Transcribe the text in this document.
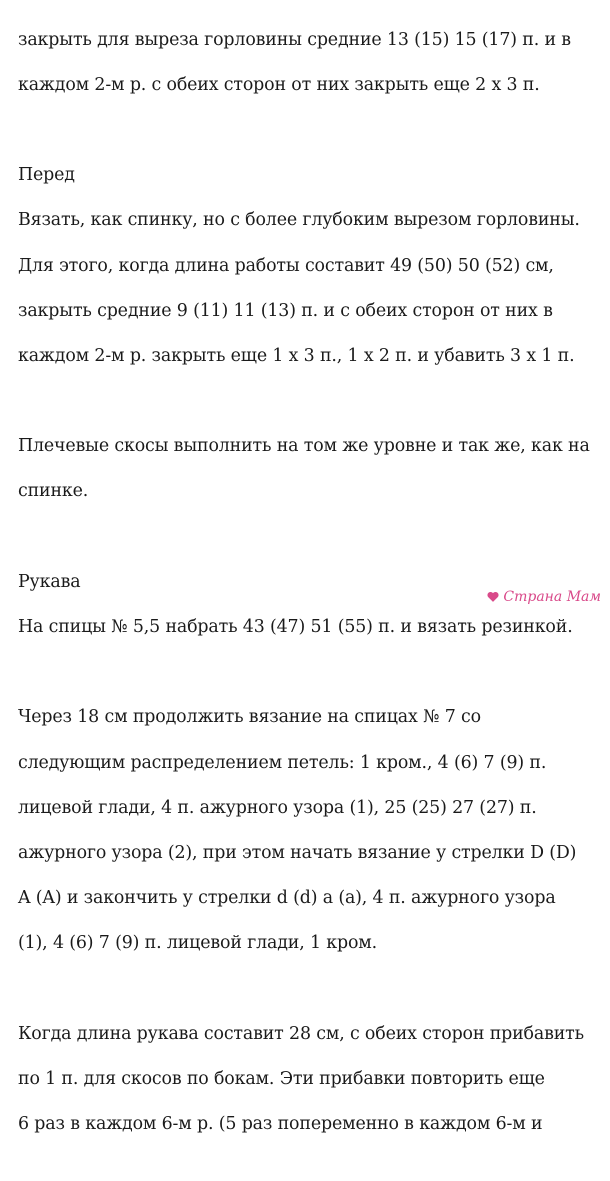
закрыть для выреза горловины средние 13 (15) 15 (17) п. и в

каждом 2-м р. с обеих сторон от них закрыть еще 2 х 3 п.

Перед

Вязать, как спинку, но с более глубоким вырезом горловины.

Для этого, когда длина работы составит 49 (50) 50 (52) см,

закрыть средние 9 (11) 11 (13) п. и с обеих сторон от них в

каждом 2-м р. закрыть еще 1 х 3 п., 1 х 2 п. и убавить 3 х 1 п.

Плечевые скосы выполнить на том же уровне и так же, как на

спинке.

Рукава

На спицы № 5,5 набрать 43 (47) 51 (55) п. и вязать резинкой.

Через 18 см продолжить вязание на спицах № 7 со

следующим распределением петель: 1 кром., 4 (6) 7 (9) п.

лицевой глади, 4 п. ажурного узора (1), 25 (25) 27 (27) п.

ажурного узора (2), при этом начать вязание у стрелки D (D)

A (A) и закончить у стрелки d (d) a (a), 4 п. ажурного узора

(1), 4 (6) 7 (9) п. лицевой глади, 1 кром.

Когда длина рукава составит 28 см, с обеих сторон прибавить

по 1 п. для скосов по бокам. Эти прибавки повторить еще

6 раз в каждом 6-м р. (5 раз попеременно в каждом 6-м и

Страна Мам
